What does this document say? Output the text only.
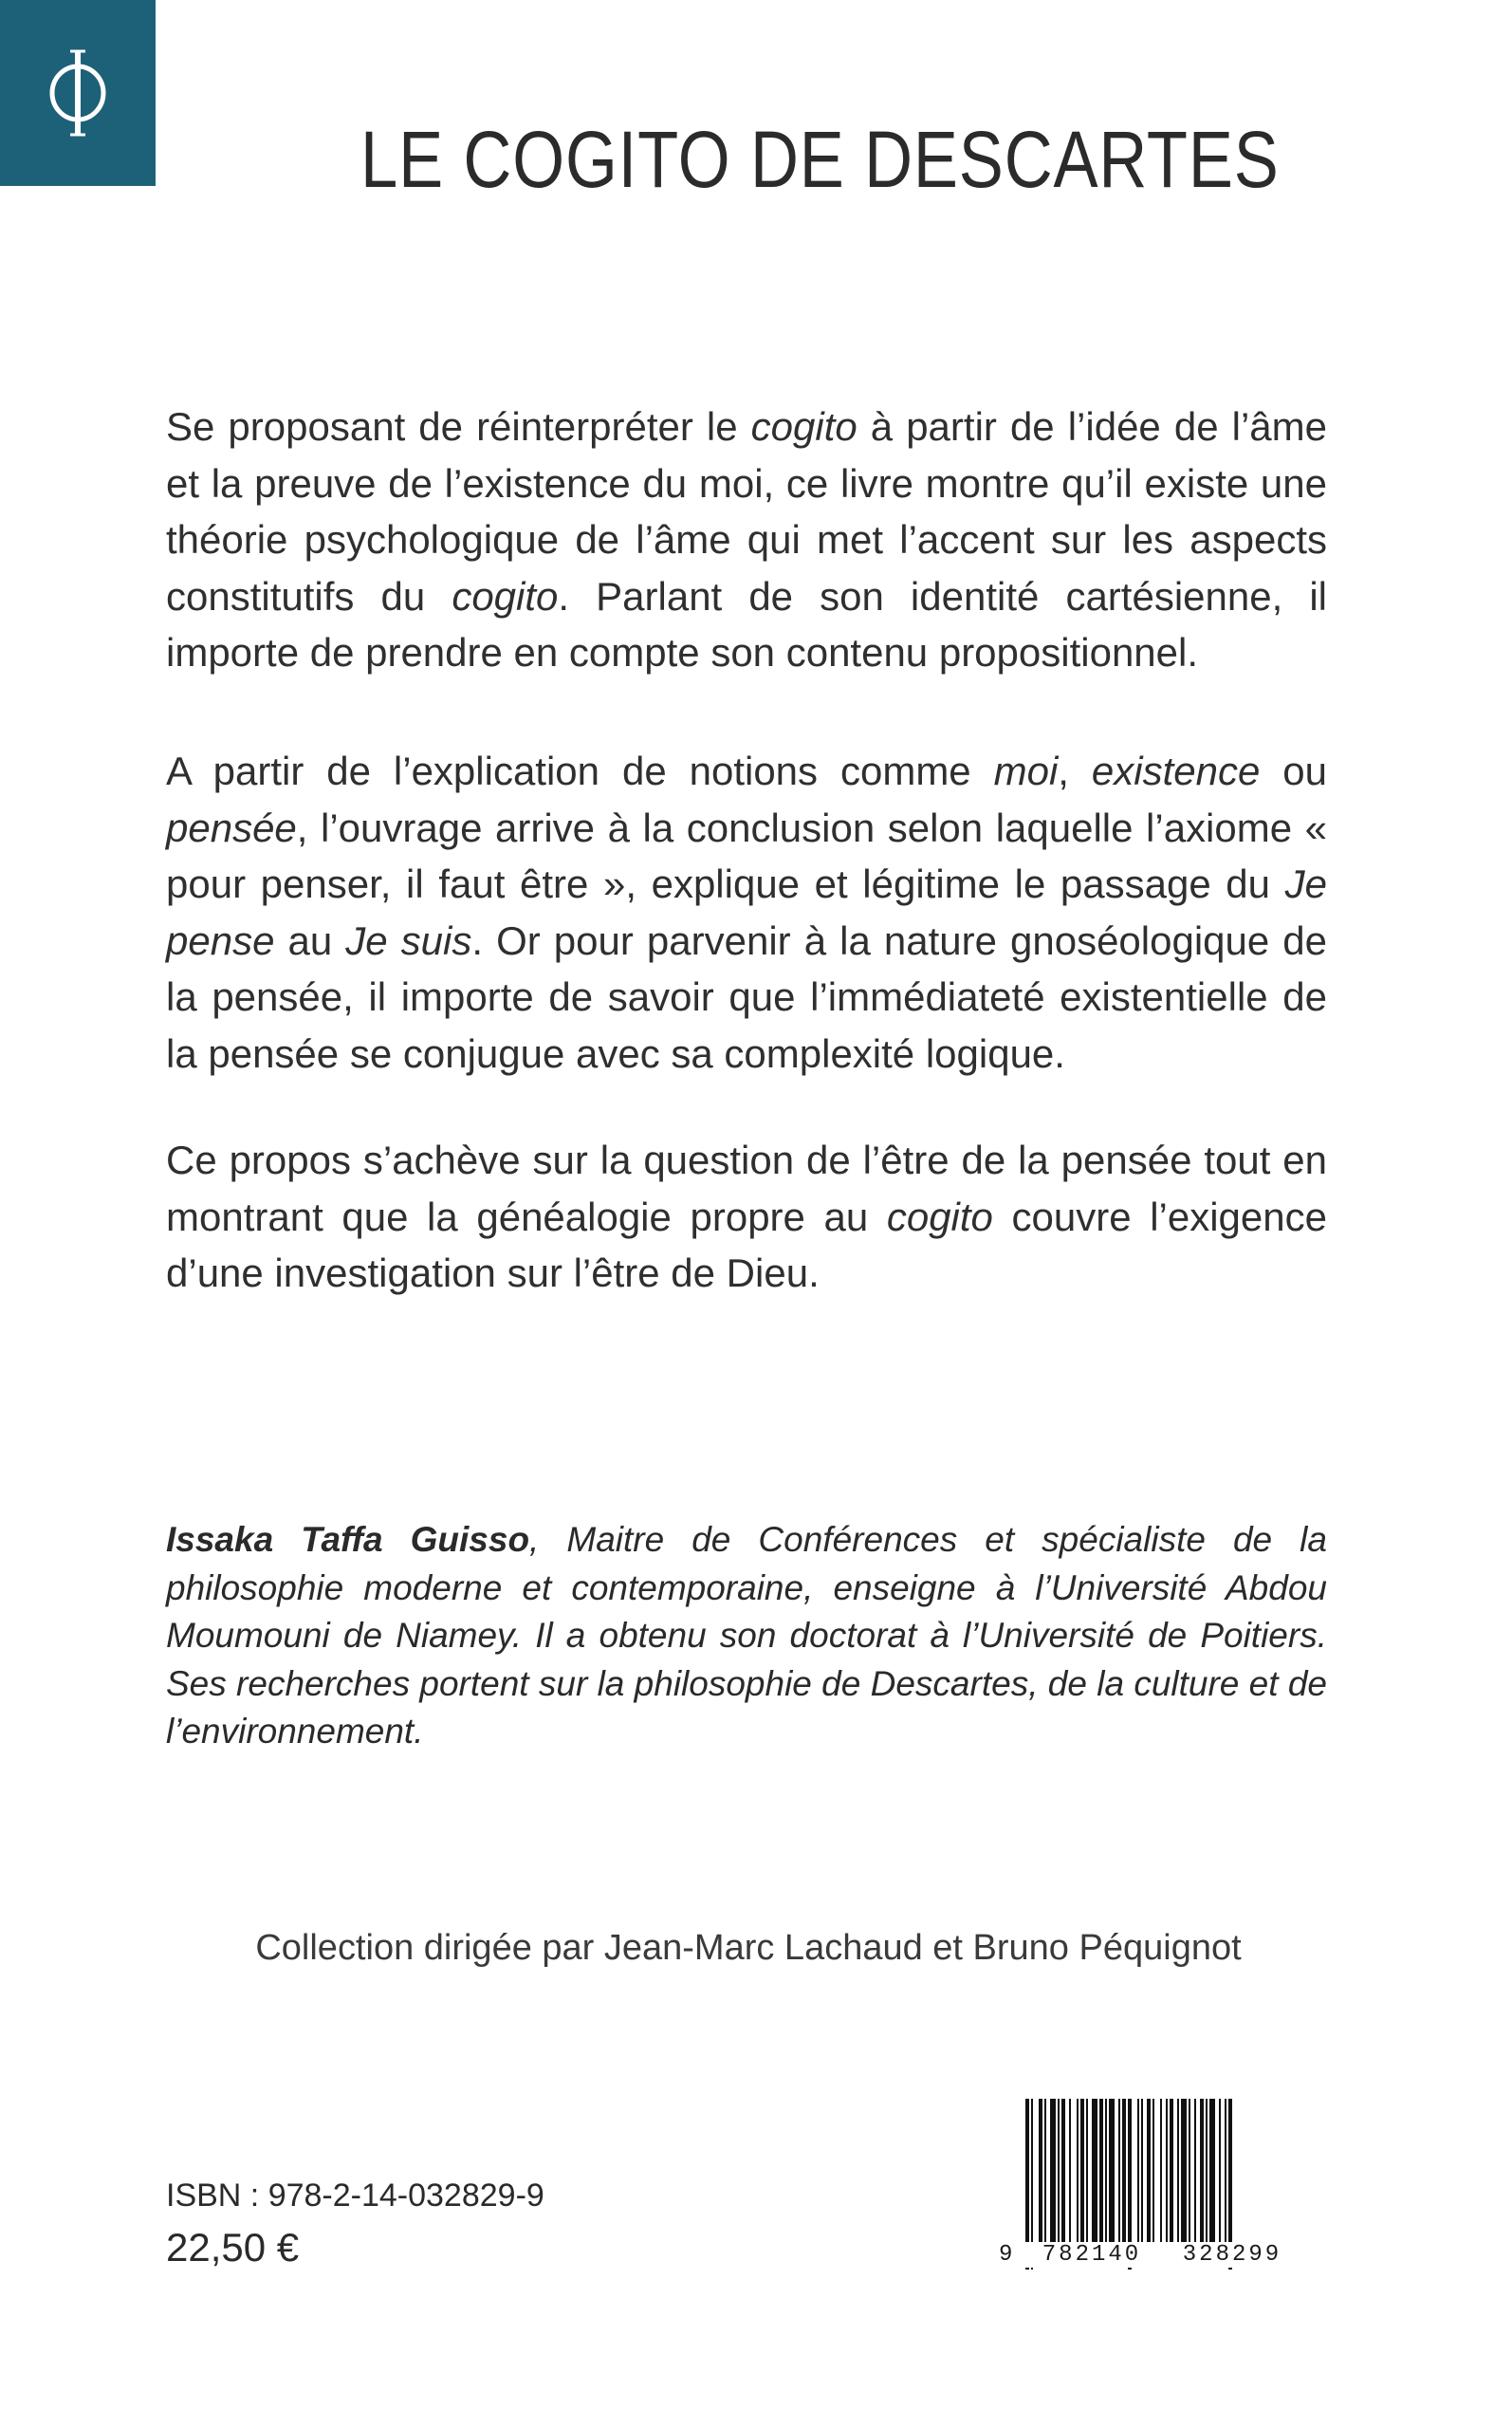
LE COGITO DE DESCARTES

Se proposant de réinterpréter le cogito à partir de l’idée de l’âme et la preuve de l’existence du moi, ce livre montre qu’il existe une théorie psychologique de l’âme qui met l’accent sur les aspects constitutifs du cogito. Parlant de son identité cartésienne, il importe de prendre en compte son contenu propositionnel.

A partir de l’explication de notions comme moi, existence ou pensée, l’ouvrage arrive à la conclusion selon laquelle l’axiome « pour penser, il faut être », explique et légitime le passage du Je pense au Je suis. Or pour parvenir à la nature gnoséologique de la pensée, il importe de savoir que l’immédiateté existentielle de la pensée se conjugue avec sa complexité logique.

Ce propos s’achève sur la question de l’être de la pensée tout en montrant que la généalogie propre au cogito couvre l’exigence d’une investigation sur l’être de Dieu.

Issaka Taffa Guisso, Maitre de Conférences et spécialiste de la philosophie moderne et contemporaine, enseigne à l’Université Abdou Moumouni de Niamey. Il a obtenu son doctorat à l’Université de Poitiers. Ses recherches portent sur la philosophie de Descartes, de la culture et de l’environnement.

Collection dirigée par Jean-Marc Lachaud et Bruno Péquignot
ISBN : 978-2-14-032829-9
22,50 €	9	782140	328299
